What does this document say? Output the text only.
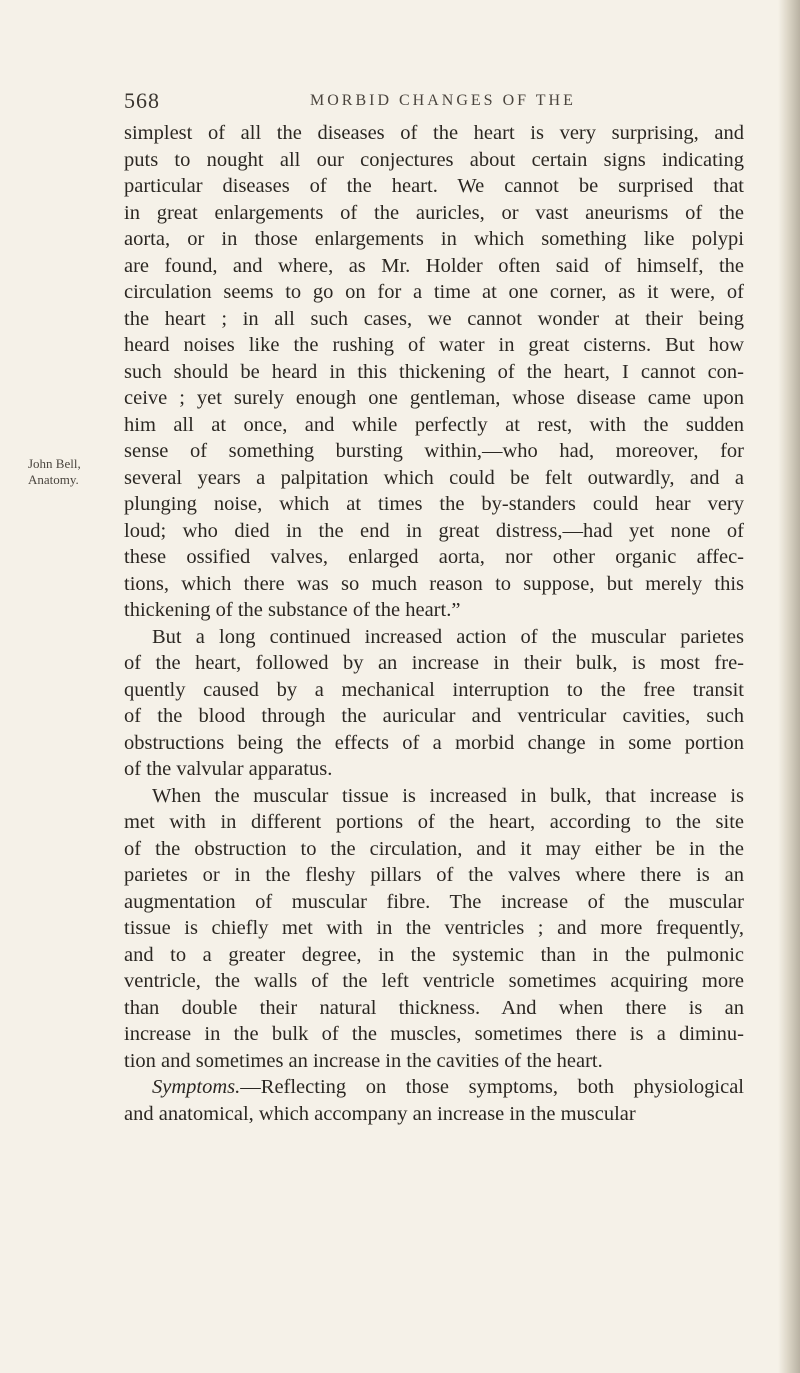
568	MORBID CHANGES OF THE
John Bell,
Anatomy.

simplest of all the diseases of the heart is very surprising, and
puts to nought all our conjectures about certain signs indicating
particular diseases of the heart. We cannot be surprised that
in great enlargements of the auricles, or vast aneurisms of the
aorta, or in those enlargements in which something like polypi
are found, and where, as Mr. Holder often said of himself, the
circulation seems to go on for a time at one corner, as it were, of
the heart ; in all such cases, we cannot wonder at their being
heard noises like the rushing of water in great cisterns. But how
such should be heard in this thickening of the heart, I cannot con-
ceive ; yet surely enough one gentleman, whose disease came upon
him all at once, and while perfectly at rest, with the sudden
sense of something bursting within,—who had, moreover, for
several years a palpitation which could be felt outwardly, and a
plunging noise, which at times the by-standers could hear very
loud; who died in the end in great distress,—had yet none of
these ossified valves, enlarged aorta, nor other organic affec-
tions, which there was so much reason to suppose, but merely this
thickening of the substance of the heart.”

But a long continued increased action of the muscular parietes
of the heart, followed by an increase in their bulk, is most fre-
quently caused by a mechanical interruption to the free transit
of the blood through the auricular and ventricular cavities, such
obstructions being the effects of a morbid change in some portion
of the valvular apparatus.

When the muscular tissue is increased in bulk, that increase is
met with in different portions of the heart, according to the site
of the obstruction to the circulation, and it may either be in the
parietes or in the fleshy pillars of the valves where there is an
augmentation of muscular fibre. The increase of the muscular
tissue is chiefly met with in the ventricles ; and more frequently,
and to a greater degree, in the systemic than in the pulmonic
ventricle, the walls of the left ventricle sometimes acquiring more
than double their natural thickness. And when there is an
increase in the bulk of the muscles, sometimes there is a diminu-
tion and sometimes an increase in the cavities of the heart.

Symptoms.—Reflecting on those symptoms, both physiological
and anatomical, which accompany an increase in the muscular
